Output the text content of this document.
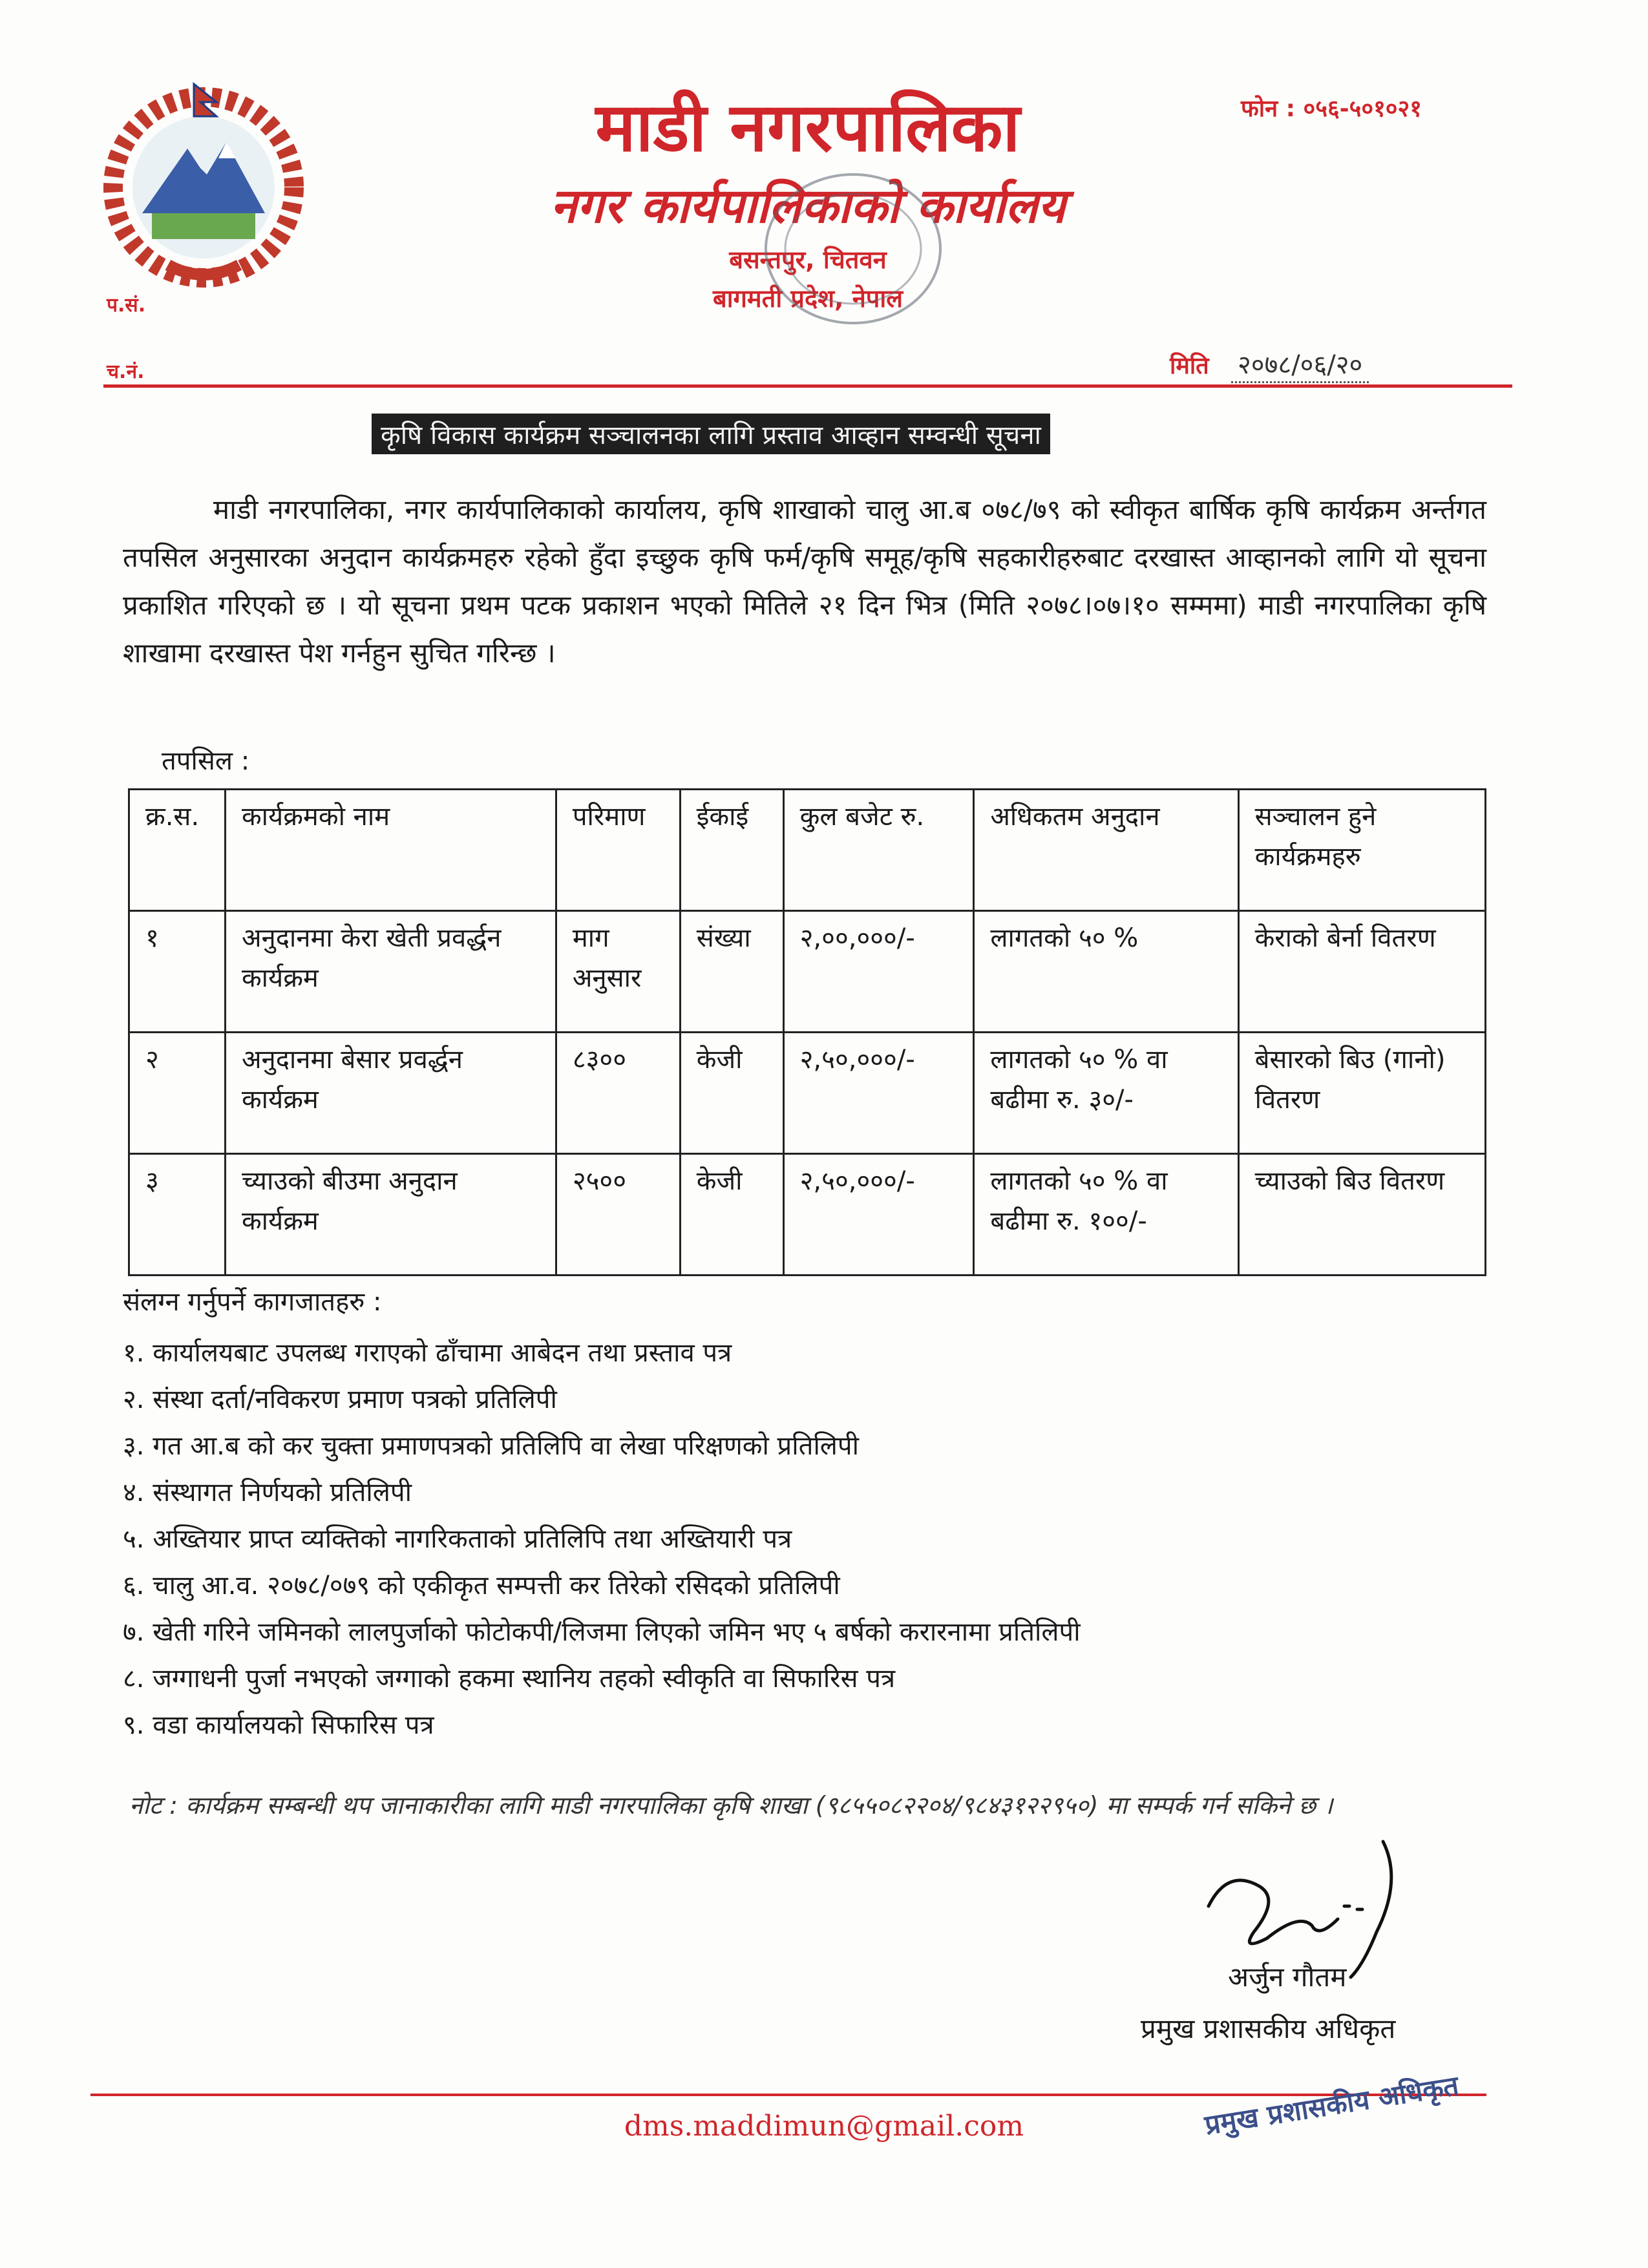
माडी नगरपालिका
नगर कार्यपालिकाको कार्यालय
बसन्तपुर, चितवन
बागमती प्रदेश, नेपाल
फोन : ०५६-५०१०२१
प.सं.
च.नं.	मिति २०७८/०६/२०
कृषि विकास कार्यक्रम सञ्चालनका लागि प्रस्ताव आव्हान सम्वन्धी सूचना
माडी नगरपालिका, नगर कार्यपालिकाको कार्यालय, कृषि शाखाको चालु आ.ब ०७८/७९ को स्वीकृत बार्षिक कृषि कार्यक्रम अर्न्तगत तपसिल अनुसारका अनुदान कार्यक्रमहरु रहेको हुँदा इच्छुक कृषि फर्म/कृषि समूह/कृषि सहकारीहरुबाट दरखास्त आव्हानको लागि यो सूचना प्रकाशित गरिएको छ । यो सूचना प्रथम पटक प्रकाशन भएको मितिले २१ दिन भित्र (मिति २०७८।०७।१० सम्ममा) माडी नगरपालिका कृषि शाखामा दरखास्त पेश गर्नहुन सुचित गरिन्छ ।
तपसिल :
क्र.स.	कार्यक्रमको नाम	परिमाण	ईकाई	कुल बजेट रु.	अधिकतम अनुदान	सञ्चालन हुने कार्यक्रमहरु
१	अनुदानमा केरा खेती प्रवर्द्धन कार्यक्रम	माग अनुसार	संख्या	२,००,०००/-	लागतको ५० %	केराको बेर्ना वितरण
२	अनुदानमा बेसार प्रवर्द्धन कार्यक्रम	८३००	केजी	२,५०,०००/-	लागतको ५० % वा बढीमा रु. ३०/-	बेसारको बिउ (गानो) वितरण
३	च्याउको बीउमा अनुदान कार्यक्रम	२५००	केजी	२,५०,०००/-	लागतको ५० % वा बढीमा रु. १००/-	च्याउको बिउ वितरण
संलग्न गर्नुपर्ने कागजातहरु :
१. कार्यालयबाट उपलब्ध गराएको ढाँचामा आबेदन तथा प्रस्ताव पत्र
२. संस्था दर्ता/नविकरण प्रमाण पत्रको प्रतिलिपी
३. गत आ.ब को कर चुक्ता प्रमाणपत्रको प्रतिलिपि वा लेखा परिक्षणको प्रतिलिपी
४. संस्थागत निर्णयको प्रतिलिपी
५. अख्तियार प्राप्त व्यक्तिको नागरिकताको प्रतिलिपि तथा अख्तियारी पत्र
६. चालु आ.व. २०७८/०७९ को एकीकृत सम्पत्ती कर तिरेको रसिदको प्रतिलिपी
७. खेती गरिने जमिनको लालपुर्जाको फोटोकपी/लिजमा लिएको जमिन भए ५ बर्षको करारनामा प्रतिलिपी
८. जग्गाधनी पुर्जा नभएको जग्गाको हकमा स्थानिय तहको स्वीकृति वा सिफारिस पत्र
९. वडा कार्यालयको सिफारिस पत्र
नोट : कार्यक्रम सम्बन्धी थप जानाकारीका लागि माडी नगरपालिका कृषि शाखा (९८५५०८२२०४/९८४३१२२९५०) मा सम्पर्क गर्न सकिने छ ।
अर्जुन गौतम
प्रमुख प्रशासकीय अधिकृत
dms.maddimun@gmail.com	प्रमुख प्रशासकीय अधिकृत
